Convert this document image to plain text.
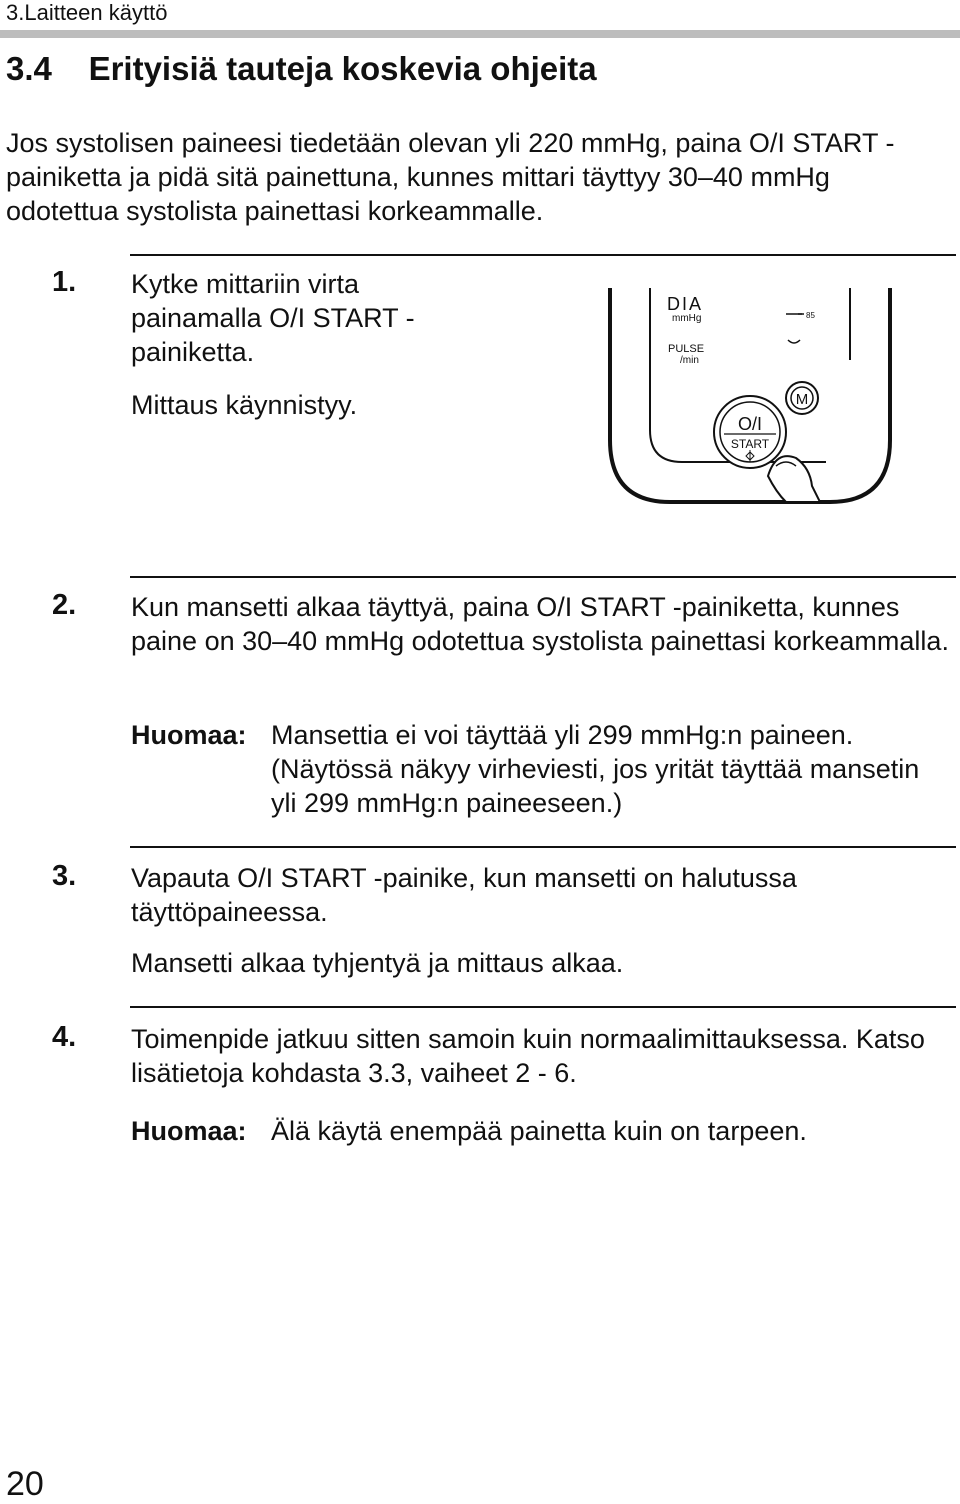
3.Laitteen käyttö
3.4 Erityisiä tauteja koskevia ohjeita
Jos systolisen paineesi tiedetään olevan yli 220 mmHg, paina O/I START -painiketta ja pidä sitä painettuna, kunnes mittari täyttyy 30–40 mmHg odotettua systolista painettasi korkeammalle.
1. Kytke mittariin virta painamalla O/I START -painiketta.
Mittaus käynnistyy.
DIA
mmHg
PULSE
/min
85
M
O/I
START
2. Kun mansetti alkaa täyttyä, paina O/I START -painiketta, kunnes paine on 30–40 mmHg odotettua systolista painettasi korkeammalla.
Huomaa: Mansettia ei voi täyttää yli 299 mmHg:n paineen. (Näytössä näkyy virheviesti, jos yrität täyttää mansetin yli 299 mmHg:n paineeseen.)
3. Vapauta O/I START -painike, kun mansetti on halutussa täyttöpaineessa.
Mansetti alkaa tyhjentyä ja mittaus alkaa.
4. Toimenpide jatkuu sitten samoin kuin normaalimittauksessa. Katso lisätietoja kohdasta 3.3, vaiheet 2 - 6.
Huomaa: Älä käytä enempää painetta kuin on tarpeen.
20
